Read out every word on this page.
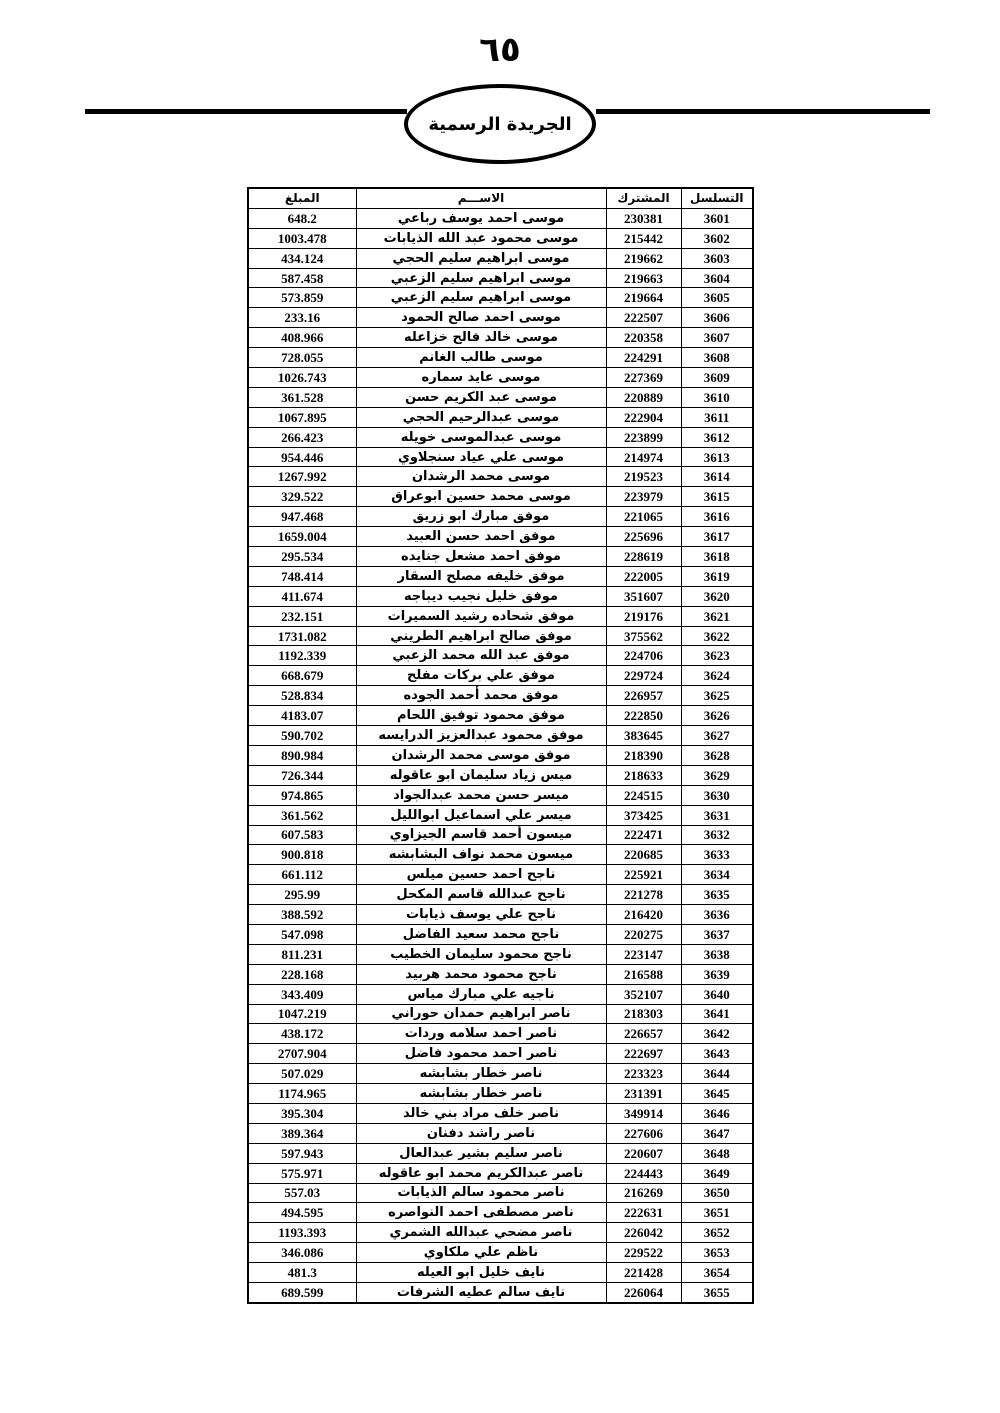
٦٥
الجريدة الرسمية
التسلسل	المشترك	الاســـم	المبلغ
3601	230381	موسى احمد يوسف رباعي	648.2
3602	215442	موسى محمود عبد الله الذيابات	1003.478
3603	219662	موسى ابراهيم سليم الحجي	434.124
3604	219663	موسى ابراهيم سليم الزعبي	587.458
3605	219664	موسى ابراهيم سليم الزعبي	573.859
3606	222507	موسى احمد صالح الحمود	233.16
3607	220358	موسى خالد فالح خزاعله	408.966
3608	224291	موسى طالب الغانم	728.055
3609	227369	موسى عايد سماره	1026.743
3610	220889	موسى عبد الكريم حسن	361.528
3611	222904	موسى عبدالرحيم الحجي	1067.895
3612	223899	موسى عبدالموسى خويله	266.423
3613	214974	موسى علي عياد سنجلاوي	954.446
3614	219523	موسى محمد الرشدان	1267.992
3615	223979	موسى محمد حسين ابوعراق	329.522
3616	221065	موفق مبارك ابو زريق	947.468
3617	225696	موفق احمد حسن العبيد	1659.004
3618	228619	موفق احمد مشعل جنايده	295.534
3619	222005	موفق خليفه مصلح السقار	748.414
3620	351607	موفق خليل نجيب ديباجه	411.674
3621	219176	موفق شحاده رشيد السميرات	232.151
3622	375562	موفق صالح ابراهيم الطريني	1731.082
3623	224706	موفق عبد الله محمد الزعبي	1192.339
3624	229724	موفق علي بركات مفلح	668.679
3625	226957	موفق محمد أحمد الجوده	528.834
3626	222850	موفق محمود توفيق اللحام	4183.07
3627	383645	موفق محمود عبدالعزيز الدرايسه	590.702
3628	218390	موفق موسى محمد الرشدان	890.984
3629	218633	ميس زياد سليمان ابو عاقوله	726.344
3630	224515	ميسر حسن محمد عبدالجواد	974.865
3631	373425	ميسر علي اسماعيل ابوالليل	361.562
3632	222471	ميسون أحمد قاسم الجيزاوي	607.583
3633	220685	ميسون محمد نواف البشابشه	900.818
3634	225921	ناجح احمد حسين ميلس	661.112
3635	221278	ناجح عبدالله قاسم المكحل	295.99
3636	216420	ناجح علي يوسف ذيابات	388.592
3637	220275	ناجح محمد سعيد الفاضل	547.098
3638	223147	ناجح محمود سليمان الخطيب	811.231
3639	216588	ناجح محمود محمد هربيد	228.168
3640	352107	ناجيه علي مبارك مياس	343.409
3641	218303	ناصر ابراهيم حمدان حوراني	1047.219
3642	226657	ناصر احمد سلامه وردات	438.172
3643	222697	ناصر احمد محمود فاضل	2707.904
3644	223323	ناصر خطار بشابشه	507.029
3645	231391	ناصر خطار بشابشه	1174.965
3646	349914	ناصر خلف مراد بني خالد	395.304
3647	227606	ناصر راشد دفنان	389.364
3648	220607	ناصر سليم بشير عبدالعال	597.943
3649	224443	ناصر عبدالكريم محمد ابو عاقوله	575.971
3650	216269	ناصر محمود سالم الذيابات	557.03
3651	222631	ناصر مصطفى احمد النواصره	494.595
3652	226042	ناصر مضحي عبدالله الشمري	1193.393
3653	229522	ناظم علي ملكاوي	346.086
3654	221428	نايف خليل ابو العيله	481.3
3655	226064	نايف سالم عطيه الشرفات	689.599
